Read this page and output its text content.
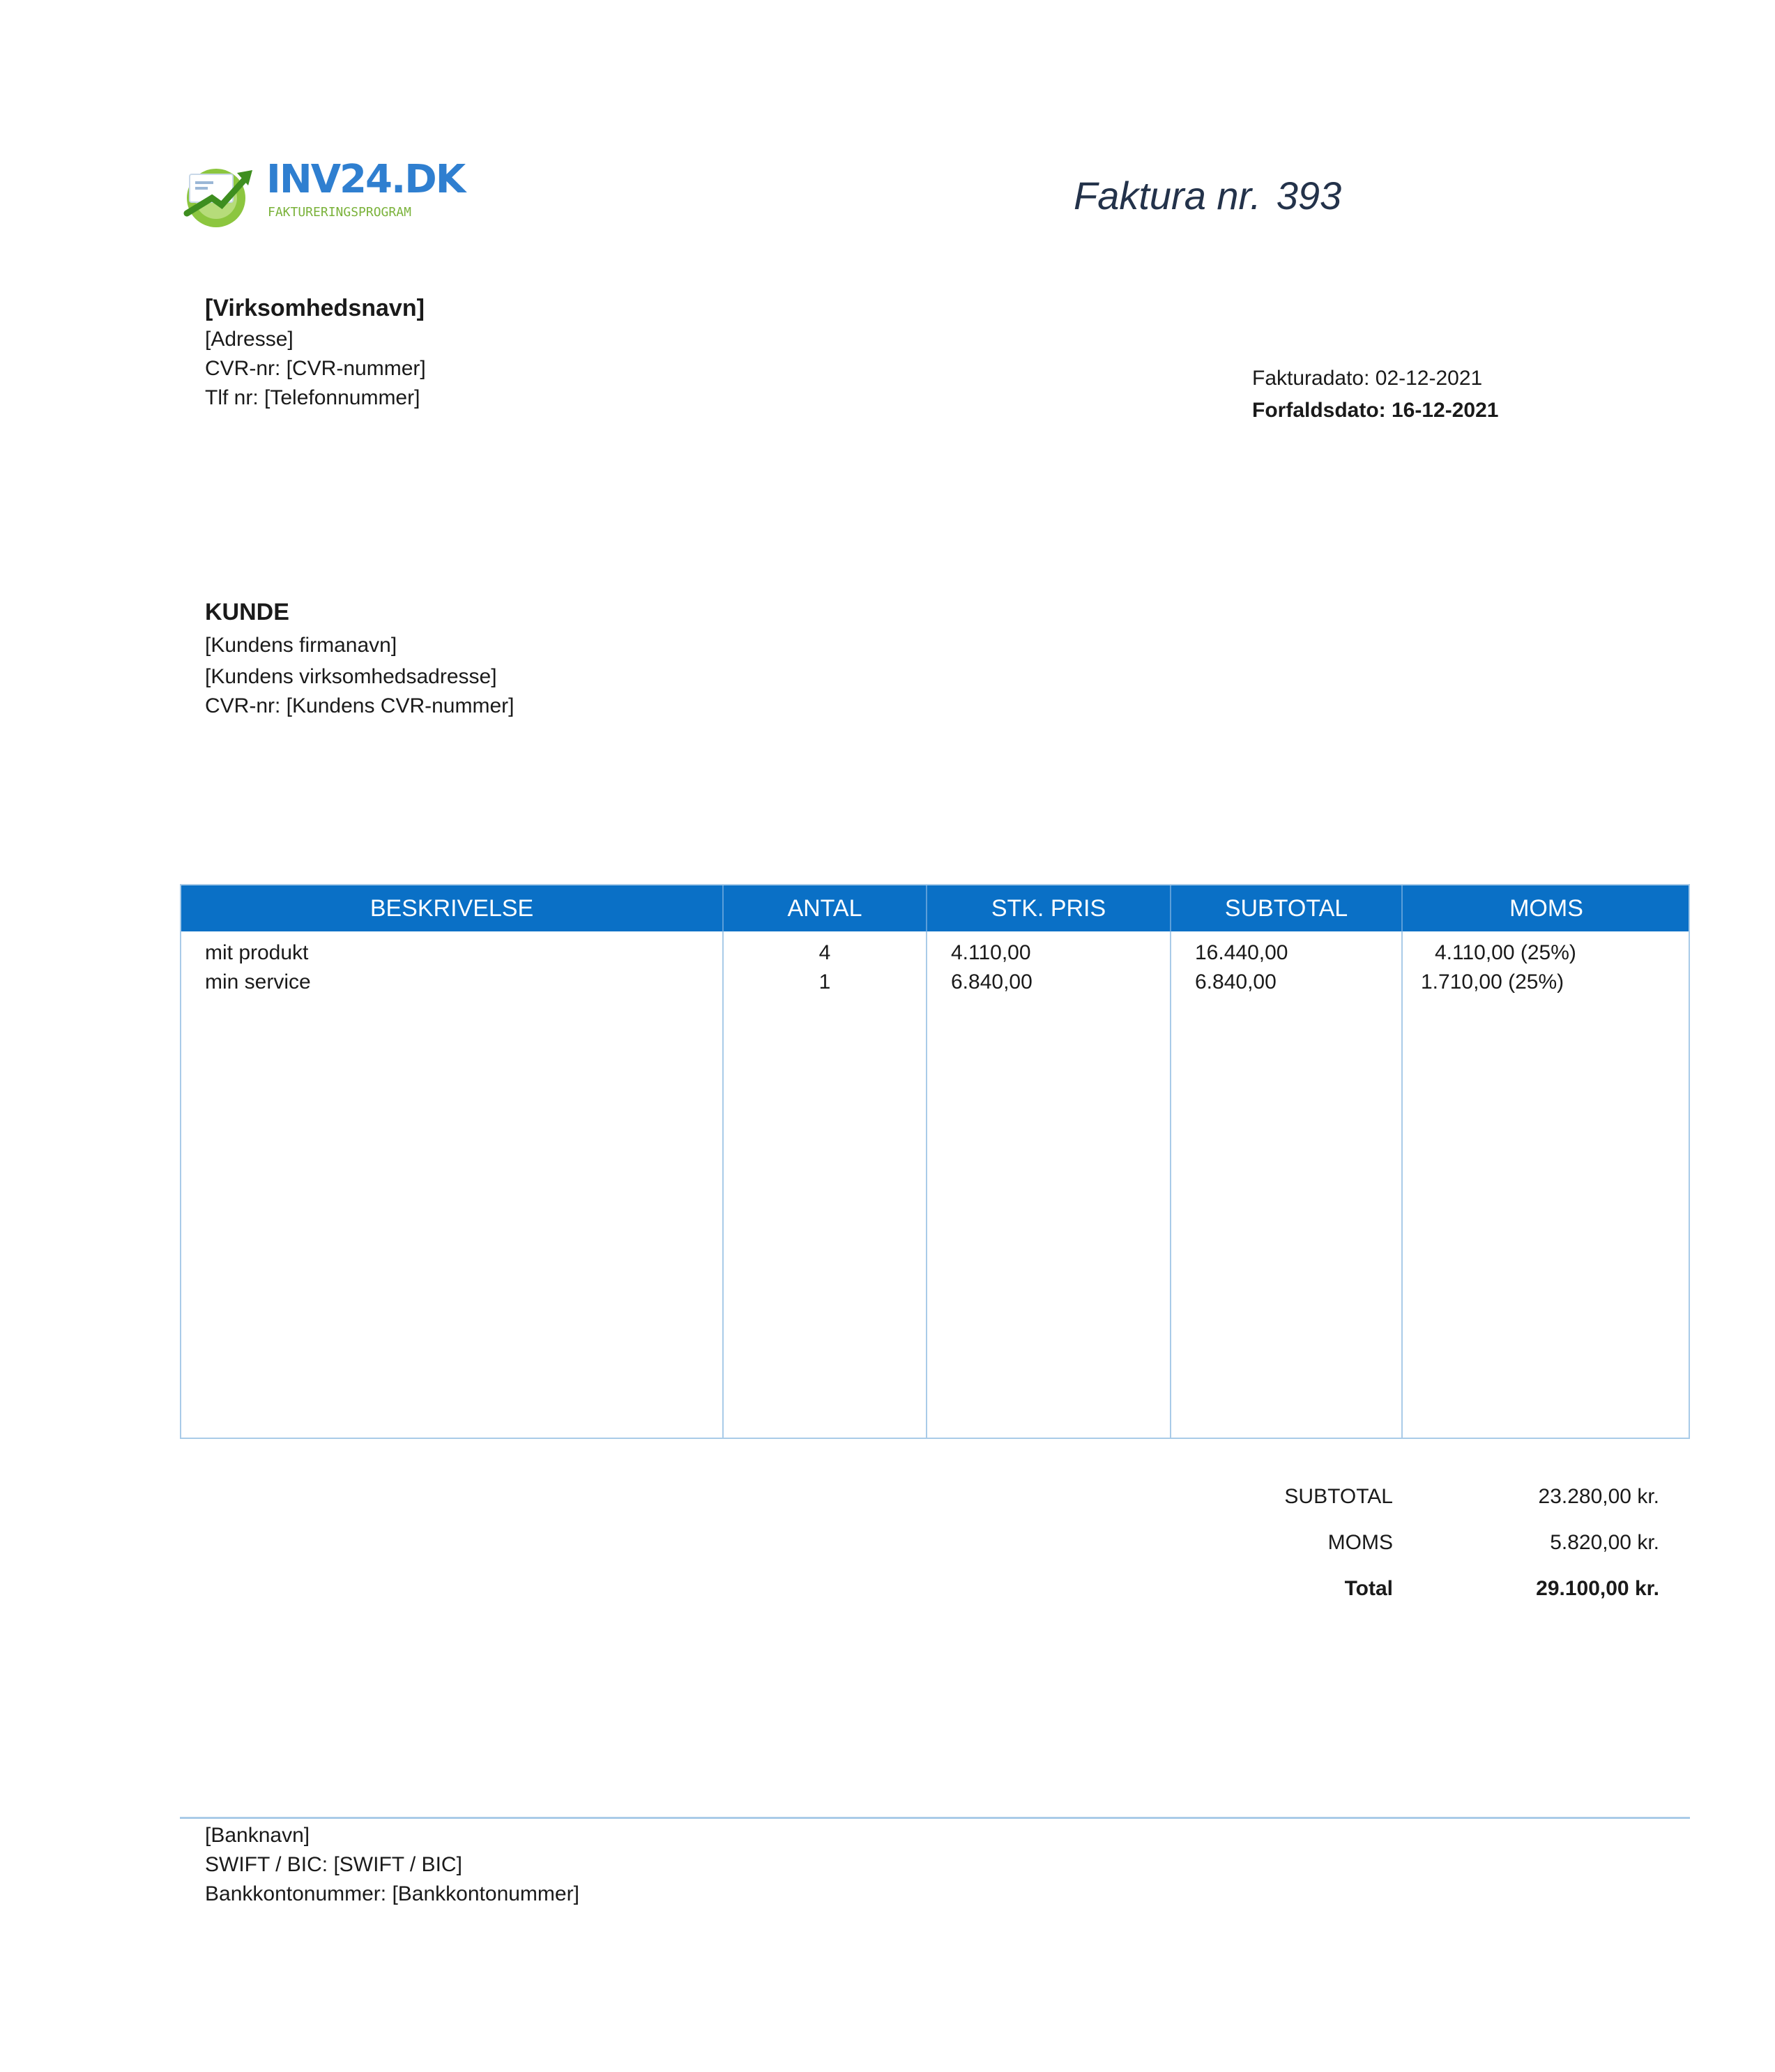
INV24.DK
FAKTURERINGSPROGRAM	Faktura nr. 393
[Virksomhedsnavn]
[Adresse]
CVR-nr: [CVR-nummer]
Tlf nr: [Telefonnummer]
Fakturadato: 02-12-2021
Forfaldsdato: 16-12-2021
KUNDE
[Kundens firmanavn]
[Kundens virksomhedsadresse]
CVR-nr: [Kundens CVR-nummer]
BESKRIVELSE	ANTAL	STK. PRIS	SUBTOTAL	MOMS
mit produkt	4	4.110,00	16.440,00	4.110,00 (25%)
min service	1	6.840,00	6.840,00	1.710,00 (25%)
SUBTOTAL	23.280,00 kr.
MOMS	5.820,00 kr.
Total	29.100,00 kr.
[Banknavn]
SWIFT / BIC: [SWIFT / BIC]
Bankkontonummer: [Bankkontonummer]
